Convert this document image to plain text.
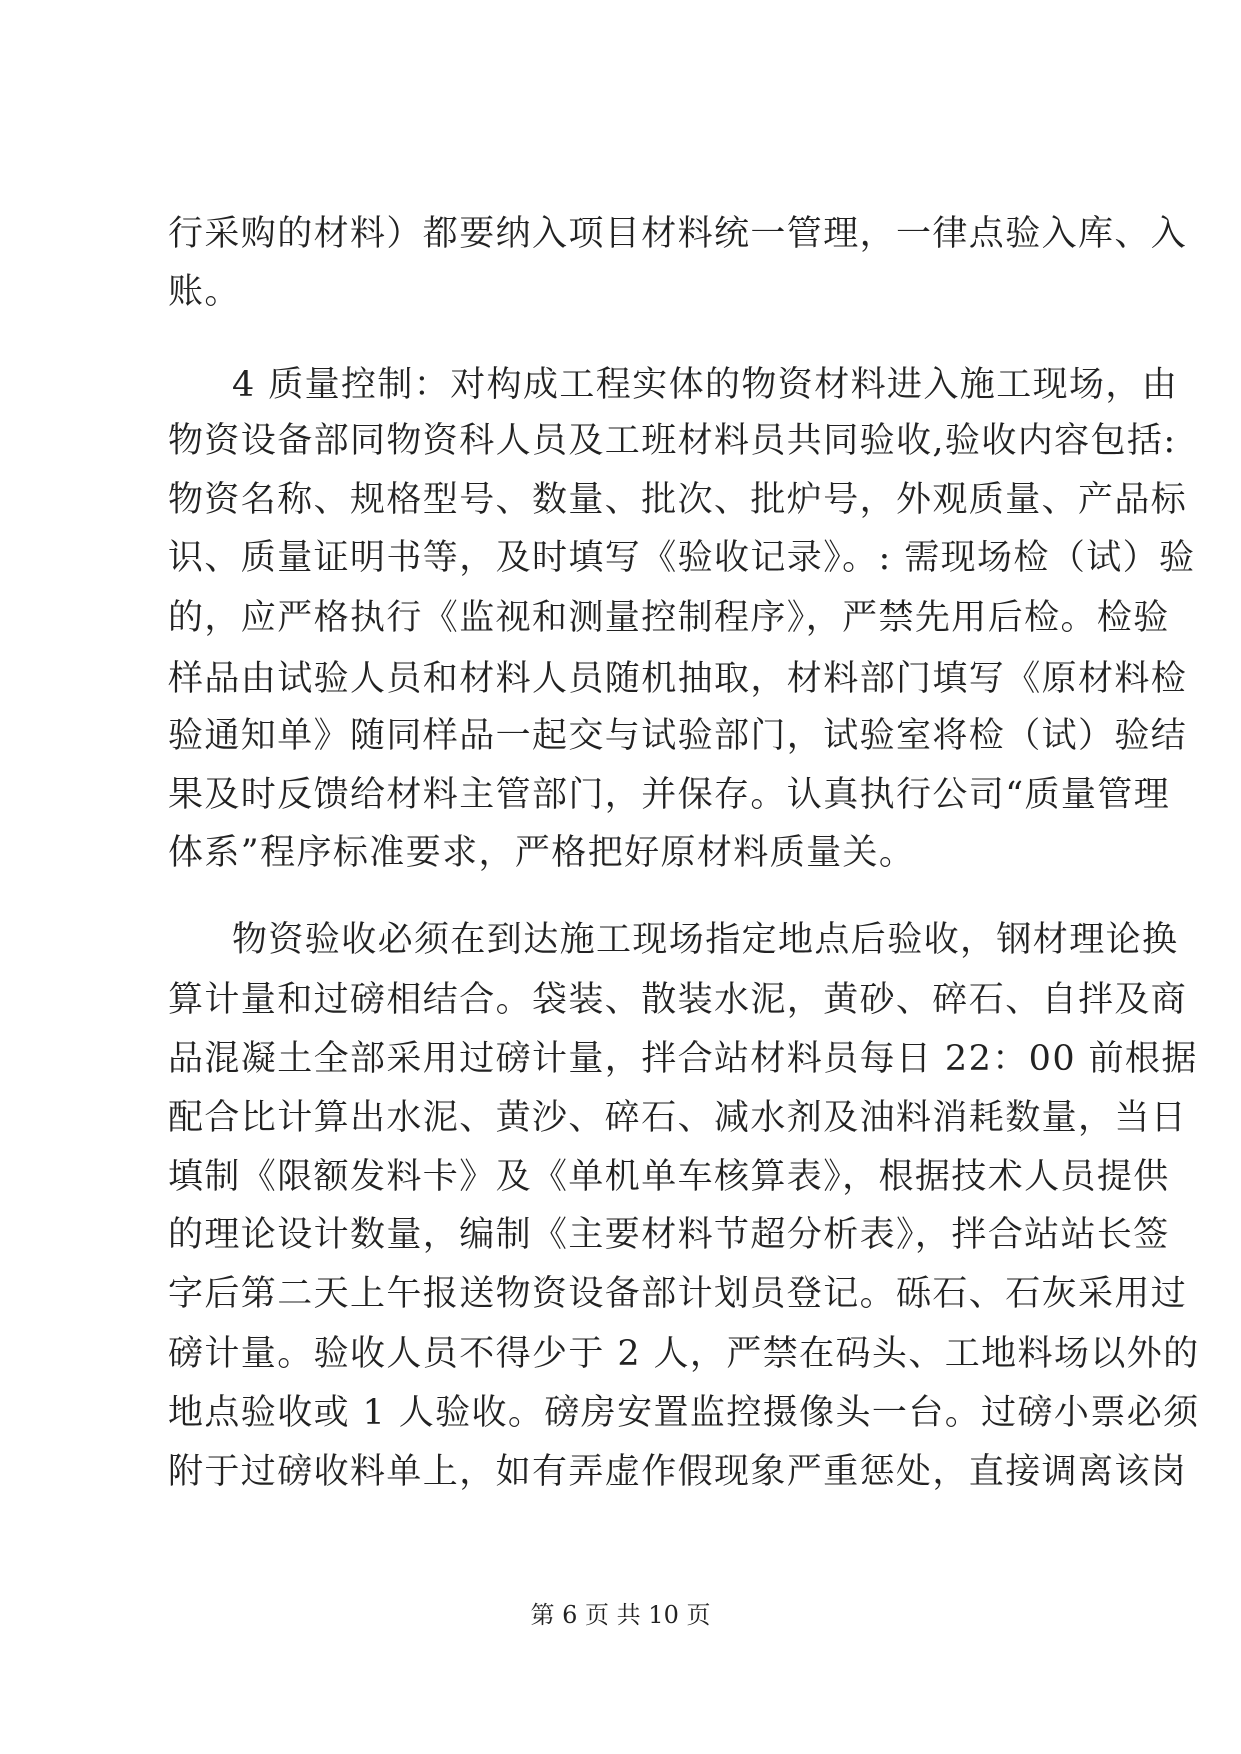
行采购的材料）都要纳入项目材料统一管理，一律点验入库、入

账。

4 质量控制：对构成工程实体的物资材料进入施工现场，由

物资设备部同物资科人员及工班材料员共同验收,验收内容包括:

物资名称、规格型号、数量、批次、批炉号，外观质量、产品标

识、质量证明书等，及时填写《验收记录》。: 需现场检（试）验

的，应严格执行《监视和测量控制程序》，严禁先用后检。检验

样品由试验人员和材料人员随机抽取，材料部门填写《原材料检

验通知单》随同样品一起交与试验部门，试验室将检（试）验结

果及时反馈给材料主管部门，并保存。认真执行公司“质量管理

体系”程序标准要求，严格把好原材料质量关。

物资验收必须在到达施工现场指定地点后验收，钢材理论换

算计量和过磅相结合。袋装、散装水泥，黄砂、碎石、自拌及商

品混凝土全部采用过磅计量，拌合站材料员每日 22：00 前根据

配合比计算出水泥、黄沙、碎石、减水剂及油料消耗数量，当日

填制《限额发料卡》及《单机单车核算表》，根据技术人员提供

的理论设计数量，编制《主要材料节超分析表》，拌合站站长签

字后第二天上午报送物资设备部计划员登记。砾石、石灰采用过

磅计量。验收人员不得少于 2 人，严禁在码头、工地料场以外的

地点验收或 1 人验收。磅房安置监控摄像头一台。过磅小票必须

附于过磅收料单上，如有弄虚作假现象严重惩处，直接调离该岗

第 6 页 共 10 页
